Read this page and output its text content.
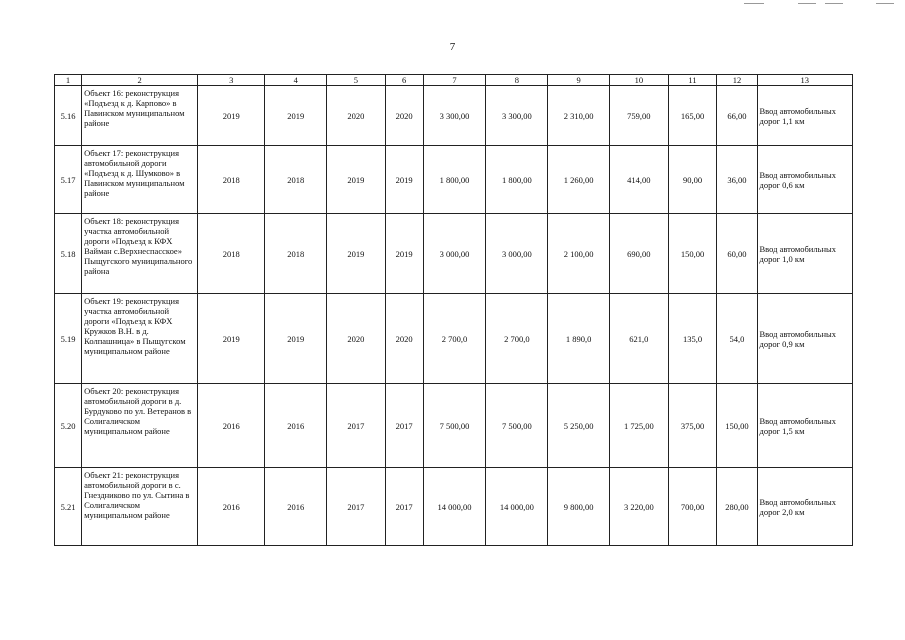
7
1	2	3	4	5	6	7	8	9	10	11	12	13
5.16	Объект 16: реконструкция «Подъезд к д. Карпово» в Павинском муниципальном районе	2019	2019	2020	2020	3 300,00	3 300,00	2 310,00	759,00	165,00	66,00	Ввод автомобильных дорог 1,1 км
5.17	Объект 17: реконструкция автомобильной дороги «Подъезд к д. Шумково» в Павинском муниципальном районе	2018	2018	2019	2019	1 800,00	1 800,00	1 260,00	414,00	90,00	36,00	Ввод автомобильных дорог 0,6 км
5.18	Объект 18: реконструкция участка автомобильной дороги »Подъезд к КФХ Вайман с.Верхнеспасское» Пыщугского муниципального района	2018	2018	2019	2019	3 000,00	3 000,00	2 100,00	690,00	150,00	60,00	Ввод автомобильных дорог 1,0 км
5.19	Объект 19: реконструкция участка автомобильной дороги «Подъезд к КФХ Кружков В.Н. в д. Колпашница» в Пыщугском муниципальном районе	2019	2019	2020	2020	2 700,0	2 700,0	1 890,0	621,0	135,0	54,0	Ввод автомобильных дорог 0,9 км
5.20	Объект 20: реконструкция автомобильной дороги в д. Бурдуково по ул. Ветеранов в Солигаличском муниципальном районе	2016	2016	2017	2017	7 500,00	7 500,00	5 250,00	1 725,00	375,00	150,00	Ввод автомобильных дорог 1,5 км
5.21	Объект 21: реконструкция автомобильной дороги в с. Гнездниково по ул. Сытина в Солигаличском муниципальном районе	2016	2016	2017	2017	14 000,00	14 000,00	9 800,00	3 220,00	700,00	280,00	Ввод автомобильных дорог 2,0 км
